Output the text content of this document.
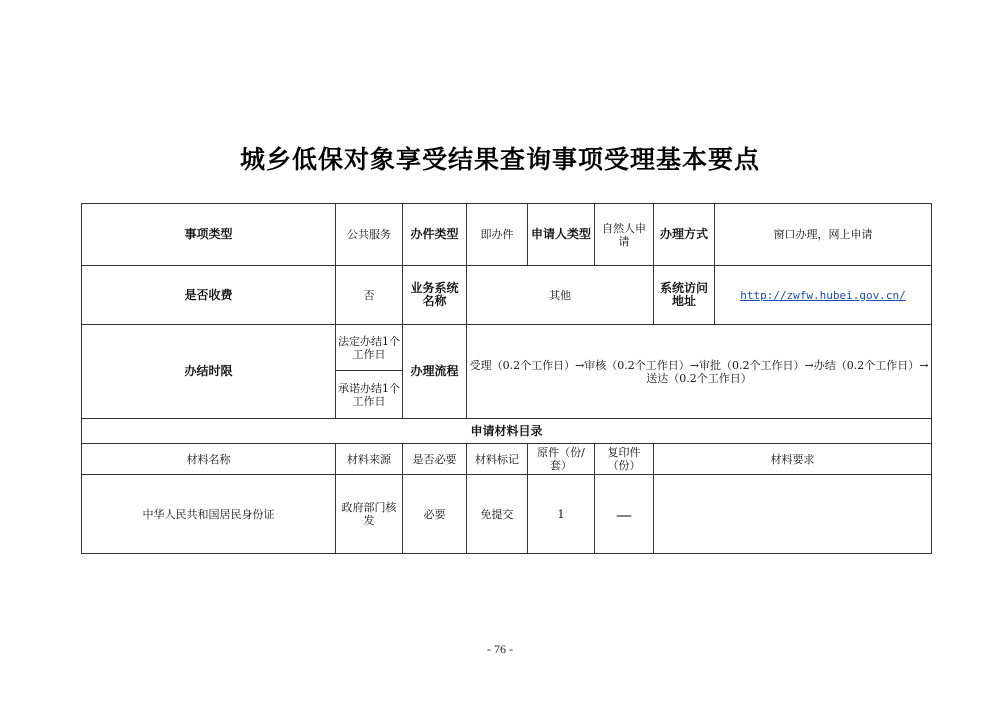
城乡低保对象享受结果查询事项受理基本要点
事项类型	公共服务	办件类型	即办件	申请人类型	自然人申请	办理方式	窗口办理，网上申请
是否收费	否	业务系统名称	其他			系统访问地址	http://zwfw.hubei.gov.cn/
办结时限	法定办结1个工作日	办理流程	受理（0.2个工作日）→审核（0.2个工作日）→审批（0.2个工作日）→办结（0.2个工作日）→送达（0.2个工作日）				
	承诺办结1个工作日						
申请材料目录							
材料名称	材料来源	是否必要	材料标记	原件（份/套）	复印件（份）	材料要求	
中华人民共和国居民身份证	政府部门核发	必要	免提交	1	—		
- 76 -
